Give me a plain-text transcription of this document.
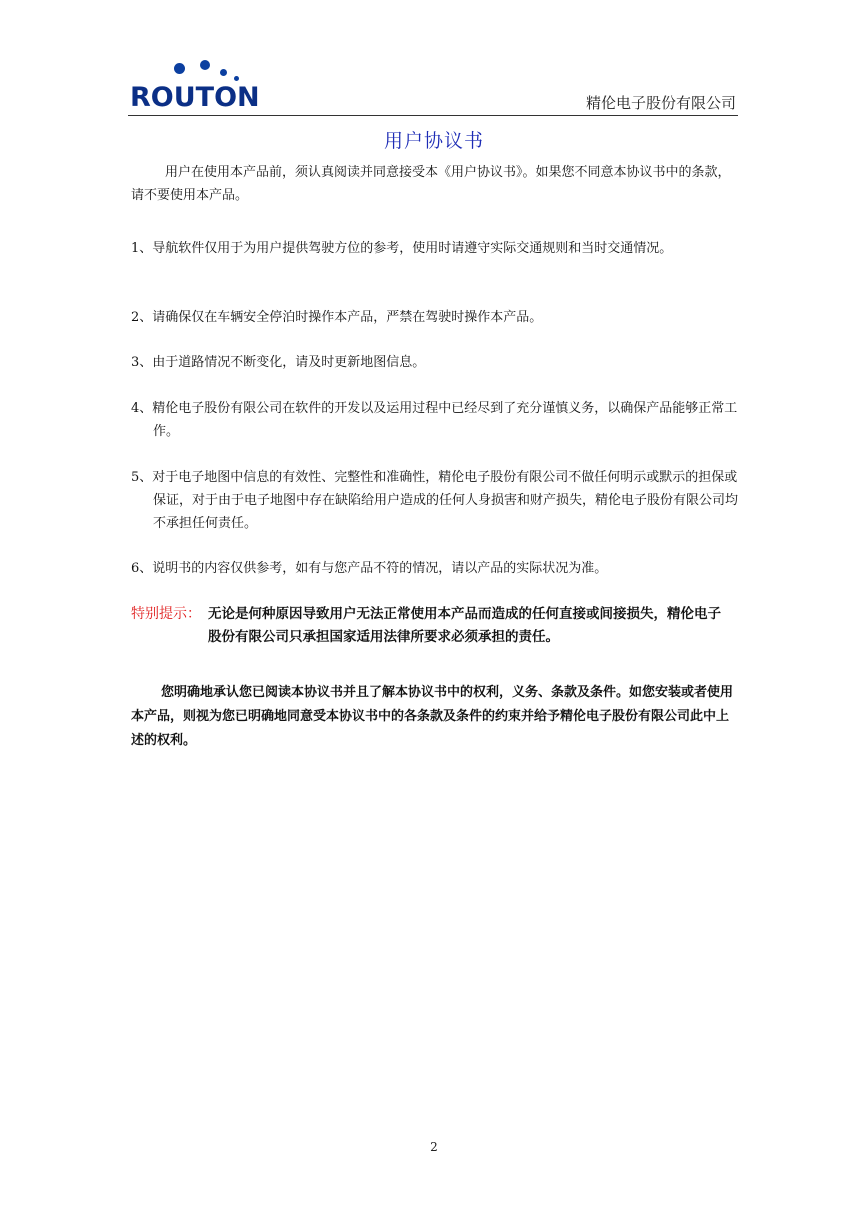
ROUTON	精伦电子股份有限公司
用户协议书
用户在使用本产品前，须认真阅读并同意接受本《用户协议书》。如果您不同意本协议书中的条款，请不要使用本产品。
1、导航软件仅用于为用户提供驾驶方位的参考，使用时请遵守实际交通规则和当时交通情况。
2、请确保仅在车辆安全停泊时操作本产品，严禁在驾驶时操作本产品。
3、由于道路情况不断变化，请及时更新地图信息。
4、精伦电子股份有限公司在软件的开发以及运用过程中已经尽到了充分谨慎义务，以确保产品能够正常工作。
5、对于电子地图中信息的有效性、完整性和准确性，精伦电子股份有限公司不做任何明示或默示的担保或保证，对于由于电子地图中存在缺陷给用户造成的任何人身损害和财产损失，精伦电子股份有限公司均不承担任何责任。
6、说明书的内容仅供参考，如有与您产品不符的情况，请以产品的实际状况为准。
特别提示： 无论是何种原因导致用户无法正常使用本产品而造成的任何直接或间接损失，精伦电子股份有限公司只承担国家适用法律所要求必须承担的责任。
您明确地承认您已阅读本协议书并且了解本协议书中的权利，义务、条款及条件。如您安装或者使用本产品，则视为您已明确地同意受本协议书中的各条款及条件的约束并给予精伦电子股份有限公司此中上述的权利。
2
